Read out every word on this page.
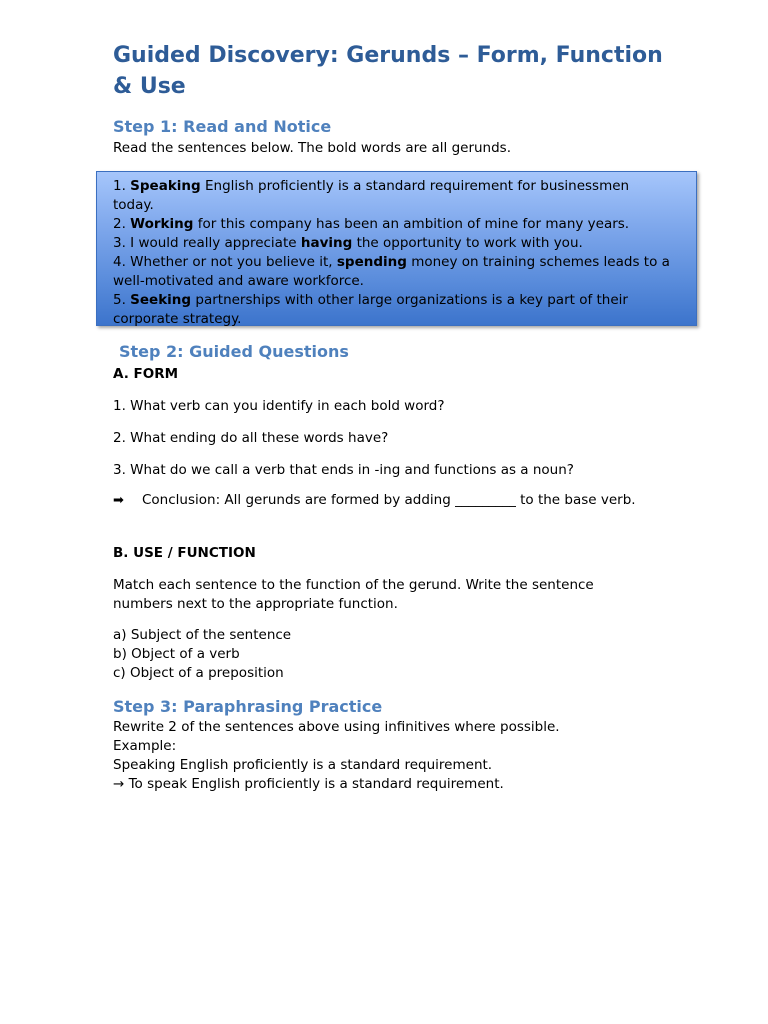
Guided Discovery: Gerunds – Form, Function & Use
Step 1: Read and Notice

Read the sentences below. The bold words are all gerunds.

1. Speaking English proficiently is a standard requirement for businessmen today.
2. Working for this company has been an ambition of mine for many years.
3. I would really appreciate having the opportunity to work with you.
4. Whether or not you believe it, spending money on training schemes leads to a well-motivated and aware workforce.
5. Seeking partnerships with other large organizations is a key part of their corporate strategy.
Step 2: Guided Questions

A. FORM

1. What verb can you identify in each bold word?

2. What ending do all these words have?

3. What do we call a verb that ends in -ing and functions as a noun?

➡ Conclusion: All gerunds are formed by adding _________ to the base verb.

B. USE / FUNCTION

Match each sentence to the function of the gerund. Write the sentence numbers next to the appropriate function.

a) Subject of the sentence

b) Object of a verb

c) Object of a preposition

Step 3: Paraphrasing Practice

Rewrite 2 of the sentences above using infinitives where possible.

Example:

Speaking English proficiently is a standard requirement.

→ To speak English proficiently is a standard requirement.
